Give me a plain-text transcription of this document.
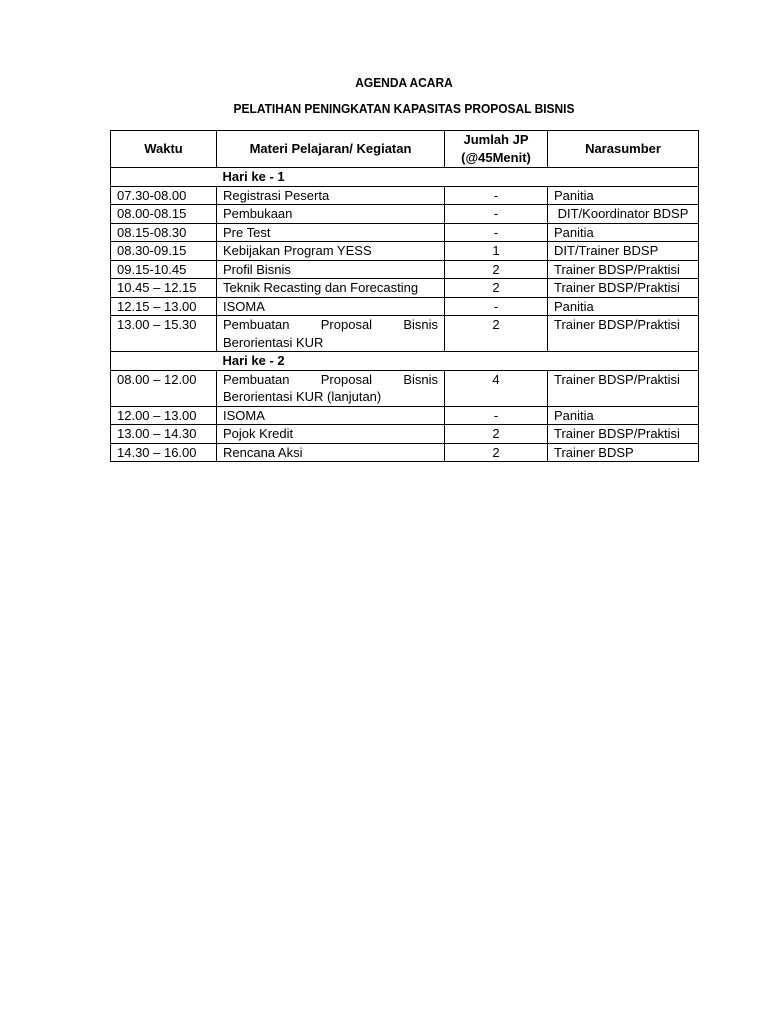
AGENDA ACARA
PELATIHAN PENINGKATAN KAPASITAS PROPOSAL BISNIS
Waktu	Materi Pelajaran/ Kegiatan	Jumlah JP
(@45Menit)	Narasumber
	Hari ke - 1		
07.30-08.00	Registrasi Peserta	-	Panitia
08.00-08.15	Pembukaan	-	DIT/Koordinator BDSP
08.15-08.30	Pre Test	-	Panitia
08.30-09.15	Kebijakan Program YESS	1	DIT/Trainer BDSP
09.15-10.45	Profil Bisnis	2	Trainer BDSP/Praktisi
10.45 – 12.15	Teknik Recasting dan Forecasting	2	Trainer BDSP/Praktisi
12.15 – 13.00	ISOMA	-	Panitia
13.00 – 15.30	Pembuatan Proposal Bisnis
Berorientasi KUR	2	Trainer BDSP/Praktisi
	Hari ke - 2		
08.00 – 12.00	Pembuatan Proposal Bisnis
Berorientasi KUR (lanjutan)	4	Trainer BDSP/Praktisi
12.00 – 13.00	ISOMA	-	Panitia
13.00 – 14.30	Pojok Kredit	2	Trainer BDSP/Praktisi
14.30 – 16.00	Rencana Aksi	2	Trainer BDSP
